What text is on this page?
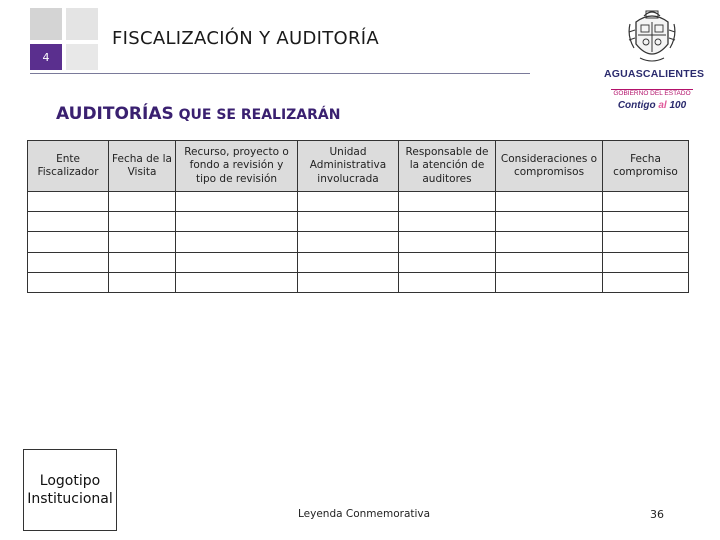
4
FISCALIZACIÓN Y AUDITORÍA
AUDITORÍAS QUE SE REALIZARÁN
AGUASCALIENTES
GOBIERNO DEL ESTADO
Contigo al 100
Ente Fiscalizador	Fecha de la Visita	Recurso, proyecto o fondo a revisión y tipo de revisión	Unidad Administrativa involucrada	Responsable de la atención de auditores	Consideraciones o compromisos	Fecha compromiso

Logotipo
Institucional
Leyenda Conmemorativa	36
